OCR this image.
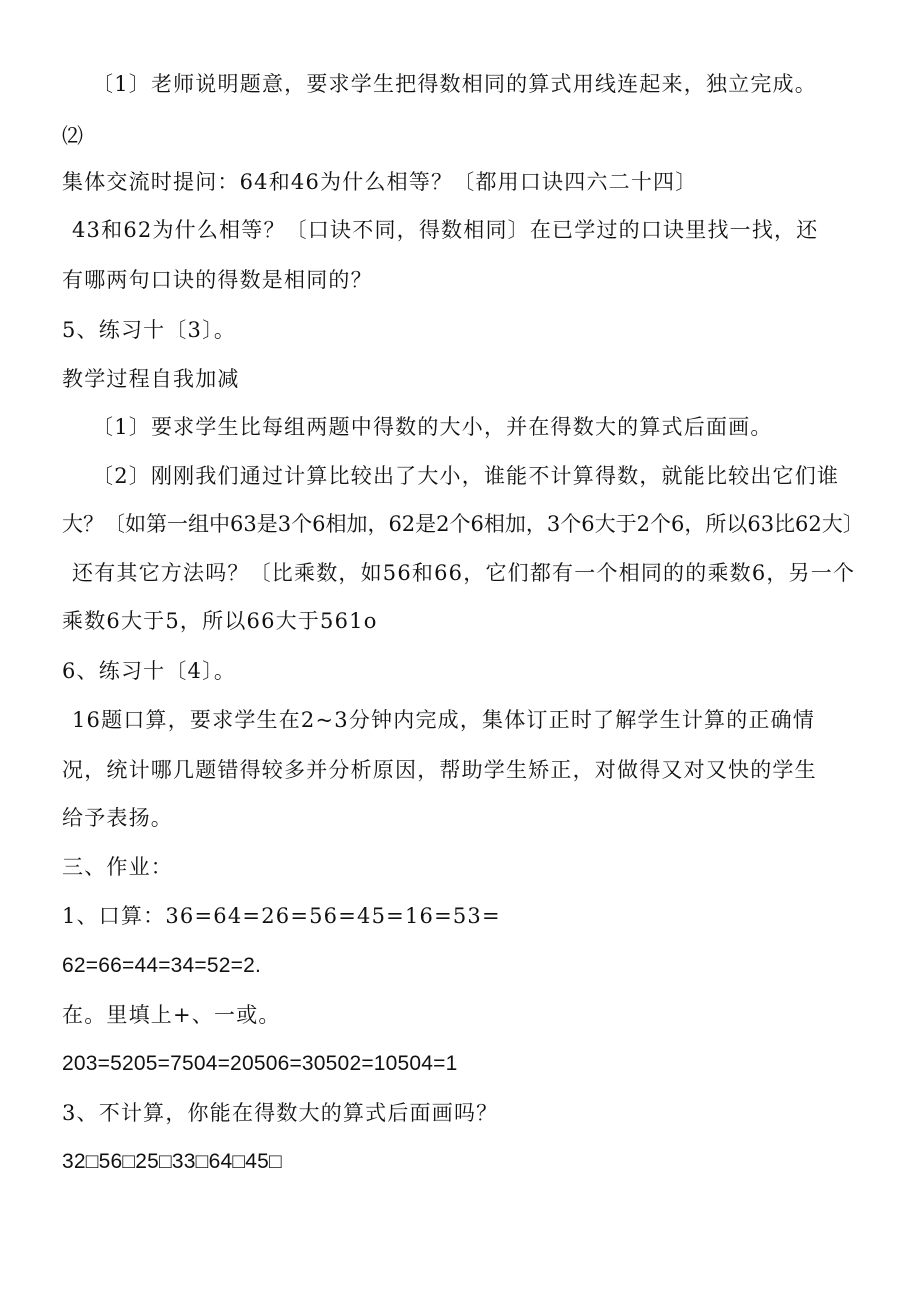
〔1〕老师说明题意，要求学生把得数相同的算式用线连起来，独立完成。
⑵
集体交流时提问：64和46为什么相等？〔都用口诀四六二十四〕
43和62为什么相等？〔口诀不同，得数相同〕在已学过的口诀里找一找，还
有哪两句口诀的得数是相同的？
5、练习十〔3〕。
教学过程自我加减
〔1〕要求学生比每组两题中得数的大小，并在得数大的算式后面画。
〔2〕刚刚我们通过计算比较出了大小，谁能不计算得数，就能比较出它们谁
大？〔如第一组中63是3个6相加，62是2个6相加，3个6大于2个6，所以63比62大〕
还有其它方法吗？〔比乘数，如56和66，它们都有一个相同的的乘数6，另一个
乘数6大于5，所以66大于561o
6、练习十〔4〕。
16题口算，要求学生在2~3分钟内完成，集体订正时了解学生计算的正确情
况，统计哪几题错得较多并分析原因，帮助学生矫正，对做得又对又快的学生
给予表扬。
三、作业：
1、口算：36=64=26=56=45=16=53=
62=66=44=34=52=2.
在。里填上+、一或。
203=5205=7504=20506=30502=10504=1
3、不计算，你能在得数大的算式后面画吗？
32□56□25□33□64□45□
